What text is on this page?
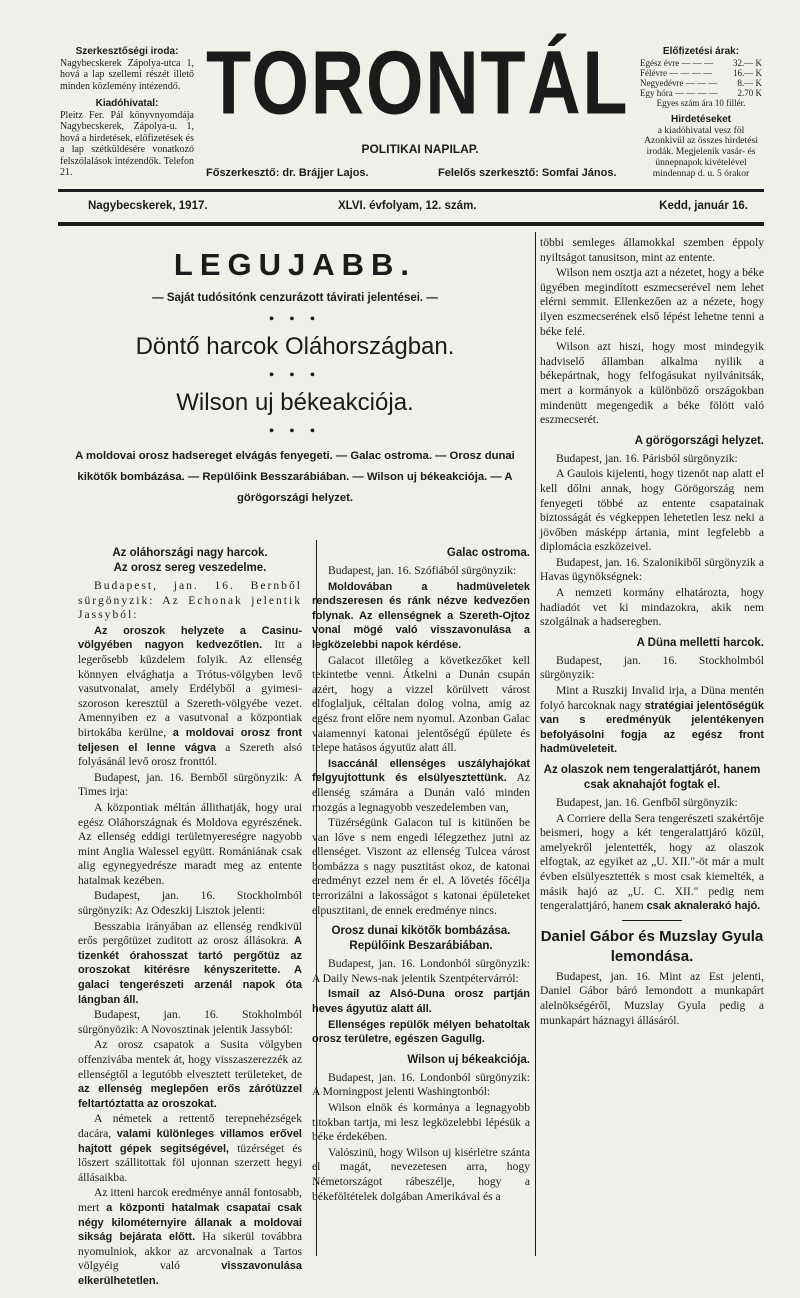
Szerkesztőségi iroda:
Nagybecskerek Zápolya-utca 1, hová a lap szellemi részét illető minden közlemény intézendő.
Kiadóhivatal:
Pleitz Fer. Pál könyvnyomdája Nagybecskerek, Zápolya-u. 1, hová a hirdetések, előfizetések és a lap szétküldésére vonatkozó felszólalások intézendők. Telefon 21.
TORONTÁL
POLITIKAI NAPILAP.
Főszerkesztő: dr. Brájjer Lajos.	Felelős szerkesztő: Somfai János.
Előfizetési árak:
Egész évre — — — 32.— K
Félévre — — — — 16.— K
Negyedévre — — — 8.— K
Egy hóra — — — — 2.70 K
Egyes szám ára 10 fillér.
Hirdetéseket
a kiadóhivatal vesz föl Azonkivül az összes hirdetési irodák. Megjelenik vasár- és ünnepnapok kivételével mindennap d. u. 5 órakor
Nagybecskerek, 1917.	XLVI. évfolyam, 12. szám.	Kedd, január 16.
LEGUJABB.
— Saját tudósitónk cenzurázott távirati jelentései. —
• • •
Döntő harcok Oláhországban.
• • •
Wilson uj békeakciója.
• • •
A moldovai orosz hadsereget elvágás fenyegeti. — Galac ostroma. — Orosz dunai kikötők bombázása. — Repülőink Besszarábiában. — Wilson uj békeakciója. — A görögországi helyzet.
Az oláhországi nagy harcok.
Az orosz sereg veszedelme.

Budapest, jan. 16. Bernből sürgönyzik: Az Echonak jelentik Jassyból:

Az oroszok helyzete a Casinu-völgyében nagyon kedvezőtlen. Itt a legerősebb küzdelem folyik. Az ellenség könnyen elvághatja a Trótus-völgyben levő vasutvonalat, amely Erdélyből a gyimesi-szoroson keresztül a Szereth-völgyébe vezet. Amennyiben ez a vasutvonal a központiak birtokába kerülne, a moldovai orosz front teljesen el lenne vágva a Szereth alsó folyásánál levő orosz fronttól.

Budapest, jan. 16. Bernből sürgönyzik: A Times irja:

A központiak méltán állithatják, hogy urai egész Oláhországnak és Moldova egyrészének. Az ellenség eddigi területnyereségre nagyobb mint Anglia Walessel együtt. Romániának csak alig egynegyedrésze maradt meg az entente hatalmak kezében.

Budapest, jan. 16. Stockholmból sürgönyzik: Az Odeszkij Lisztok jelenti:

Besszabia irányában az ellenség rendkivül erős pergőtüzet zuditott az orosz állásokra. A tizenkét órahosszat tartó pergőtüz az oroszokat kitérésre kényszeritette. A galaci tengerészeti arzenál napok óta lángban áll.

Budapest, jan. 16. Stokholmból sürgönyözik: A Novosztinak jelentik Jassyból:

Az orosz csapatok a Susita völgyben offenzivába mentek át, hogy visszaszerezzék az ellenségtől a legutóbb elvesztett területeket, de az ellenség meglepően erős zárótüzzel feltartóztatta az oroszokat.

A németek a rettentő terepnehézségek dacára, valami különleges villamos erővel hajtott gépek segitségével, tüzérséget és lőszert szállitottak föl ujonnan szerzett hegyi állásaikba.

Az itteni harcok eredménye annál fontosabb, mert a központi hatalmak csapatai csak négy kilométernyire állanak a moldovai sikság bejárata előtt. Ha sikerül továbbra nyomulniok, akkor az arcvonalnak a Tartos völgyéig való	visszavonulása elkerülhetetlen.

Galac ostroma.

Budapest, jan. 16. Szófiából sürgönyzik:

Moldovában a hadmüveletek rendszeresen és ránk nézve kedvezően folynak. Az ellenségnek a Szereth-Ojtoz vonal mögé való visszavonulása a legközelebbi napok kérdése.

Galacot illetőleg a következőket kell tekintetbe venni. Átkelni a Dunán csupán azért, hogy a vizzel körülvett várost elfoglaljuk, céltalan dolog volna, amig az egész front előre nem nyomul. Azonban Galac vaiamennyi katonai jelentőségű épülete és telepe hatásos ágyutüz alatt áll.

Isaccánál ellenséges uszályhajókat felgyujtottunk és elsülyesztettünk. Az ellenség számára a Dunán való minden mozgás a legnagyobb veszedelemben van,

Tüzérségünk Galacon tul is kitünően be van lőve s nem engedi lélegzethez jutni az ellenséget. Viszont az ellenség Tulcea várost bombázza s nagy pusztitást okoz, de katonai eredményt ezzel nem ér el. A lövetés főcélja terrorizálni a lakosságot s katonai épületeket elpusztitani, de ennek eredménye nincs.

Orosz dunai kikötők bombázása. Repülőink Beszarábiában.

Budapest, jan. 16. Londonból sürgönyzik: A Daily News-nak jelentik Szentpétervárról:

Ismail az Alsó-Duna orosz partján heves ágyutüz alatt áll.

Ellenséges repülők mélyen behatoltak orosz területre, egészen Gagullg.

Wilson uj békeakciója.

Budapest, jan. 16. Londonból sürgönyzik: A Morningpost jelenti Washingtonból:

Wilson elnök és kormánya a legnagyobb titokban tartja, mi lesz legközelebbi lépésük a béke érdekében.

Valószinü, hogy Wilson uj kisérletre szánta el magát, nevezetesen arra, hogy Németországot rábeszélje, hogy a békeföltételek dolgában Amerikával és a

többi semleges államokkal szemben éppoly nyiltságot tanusitson, mint az entente.

Wilson nem osztja azt a nézetet, hogy a béke ügyében megindított eszmecserével nem lehet elérni semmit. Ellenkezően az a nézete, hogy ilyen eszmecserének első lépést lehetne tenni a béke felé.

Wilson azt hiszi, hogy most mindegyik hadviselő államban alkalma nyilik a békepártnak, hogy felfogásukat nyilvánitsák, mert a kormányok a különböző országokban mindenütt megengedik a béke fölött való eszmecserét.

A görögországi helyzet.

Budapest, jan. 16. Párisból sürgönyzik:

A Gaulois kijelenti, hogy tizenöt nap alatt el kell dőlni annak, hogy Görögország nem fenyegeti többé az entente csapatainak biztosságát és végkeppen lehetetlen lesz neki a jövőben másképp ártania, mint legfelebb a diplomácia eszközeivel.

Budapest, jan. 16. Szalonikiből sürgönyzik a Havas ügynökségnek:

A nemzeti kormány elhatározta, hogy hadiadót vet ki mindazokra, akik nem szolgálnak a hadseregben.

A Düna melletti harcok.

Budapest, jan. 16. Stockholmból sürgönyzik:

Mint a Ruszkij Invalid irja, a Düna mentén folyó harcoknak nagy stratégiai jelentőségük van s eredményük jelentékenyen befolyásolni fogja az egész front hadmüveleteit.

Az olaszok nem tengeralattjárót, hanem csak aknahajót fogtak el.

Budapest, jan. 16. Genfből sürgönyzik:

A Corriere della Sera tengerészeti szakértője beismeri, hogy a két tengeralattjáró közül, amelyekről jelentették, hogy az olaszok elfogtak, az egyiket az „U. XII."-öt már a mult évben elsülyesztették s most csak kiemelték, a másik hajó az „U. C. XII." pedig nem tengeralattjáró, hanem csak aknalerakó hajó.

Daniel Gábor és Muzslay Gyula lemondása.

Budapest, jan. 16. Mint az Est jelenti, Daniel Gábor báró lemondott a munkapárt alelnökségéről, Muzslay Gyula pedig a munkapárt háznagyi állásáról.
